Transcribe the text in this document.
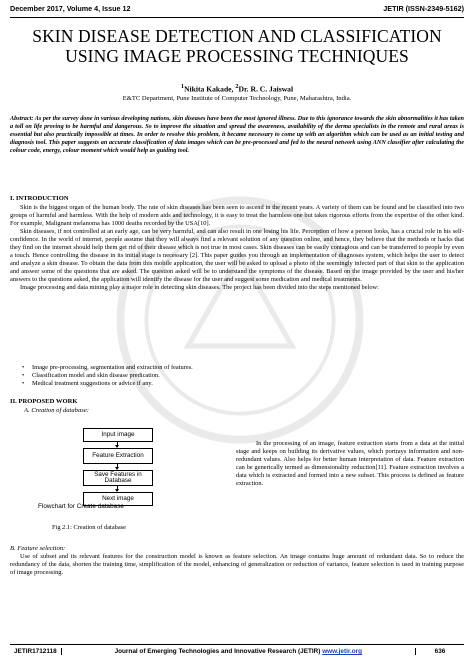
December 2017, Volume 4, Issue 12	JETIR (ISSN-2349-5162)
SKIN DISEASE DETECTION AND CLASSIFICATION
USING IMAGE PROCESSING TECHNIQUES
$^1$Nikita Kakade, $^2$Dr. R. C. Jaiswal
E&TC Department, Pune Institute of Computer Technology, Pune, Maharashtra, India.
Abstract: As per the survey done in various developing nations, skin diseases have been the most ignored illness. Due to this ignorance towards the skin abnormalities it has taken a toll on life proving to be harmful and dangerous. So to improve the situation and spread the awareness, availability of the derma specialists in the remote and rural areas is essential but also practically impossible at times. In order to resolve this problem, it became necessary to come up with an algorithm which can be used as an initial testing and diagnosis tool. This paper suggests an accurate classification of data images which can be pre-processed and fed to the neural network using ANN classifier after calculating the colour code, energy, colour moment which would help as guiding tool.
I. INTRODUCTION

Skin is the biggest organ of the human body. The rate of skin diseases has been seen to ascend in the recent years. A variety of them can be found and be classified into two groups of harmful and harmless. With the help of modern aids and technology, it is easy to treat the harmless one but takes rigorous efforts from the expertise of the other kind. For example, Malignant melanoma has 1000 deaths recorded by the USA[10].

Skin diseases, if not controlled at an early age, can be very harmful, and can also result in one losing his life. Perception of how a person looks, has a crucial role in his self-confidence. In the world of internet, people assume that they will always find a relevant solution of any question online, and hence, they believe that the methods or hacks that they find on the internet should help them get rid of their disease which is not true in most cases. Skin diseases can be easily contagious and can be transferred to people by even a touch. Hence controlling the disease in its initial stage is necessary [2]. This paper guides you through an implementation of diagnoses system, which helps the user to detect and analyze a skin disease. To obtain the data from this mobile application, the user will be asked to upload a photo of the seemingly infected part of that skin to the application and answer some of the questions that are asked. The question asked will be to understand the symptoms of the disease. Based on the image provided by the user and his/her answers to the questions asked, the application will identify the disease for the user and suggest some medication and medical treatments.

Image processing and data mining play a major role in detecting skin diseases. The project has been divided into the steps mentioned below:

• Image pre-processing, segmentation and extraction of features.
• Classification model and skin disease predication.
• Medical treatment suggestions or advice if any.
II. PROPOSED WORK
A. Creation of database:
Input image
Feature Extraction
Save Features in Database
Next image
Flowchart for Create database
Fig 2.1: Creation of database

In the processing of an image, feature extraction starts from a data at the initial stage and keeps on building its derivative values, which portrays information and non-redundant values. Also helps for better human interpretation of data. Feature extraction can be generically termed as dimensionality reduction[11]. Feature extraction involves a data which is extracted and formed into a new subset. This process is defined as feature extraction.

B. Feature selection:

Use of subset and its relevant features for the construction model is known as feature selection. An image contains huge amount of redundant data. So to reduce the redundancy of the data, shorten the training time, simplification of the model, enhancing of generalization or reduction of variance, feature selection is used in training purpose of image processing.

JETIR1712118	Journal of Emerging Technologies and Innovative Research (JETIR) www.jetir.org	636
